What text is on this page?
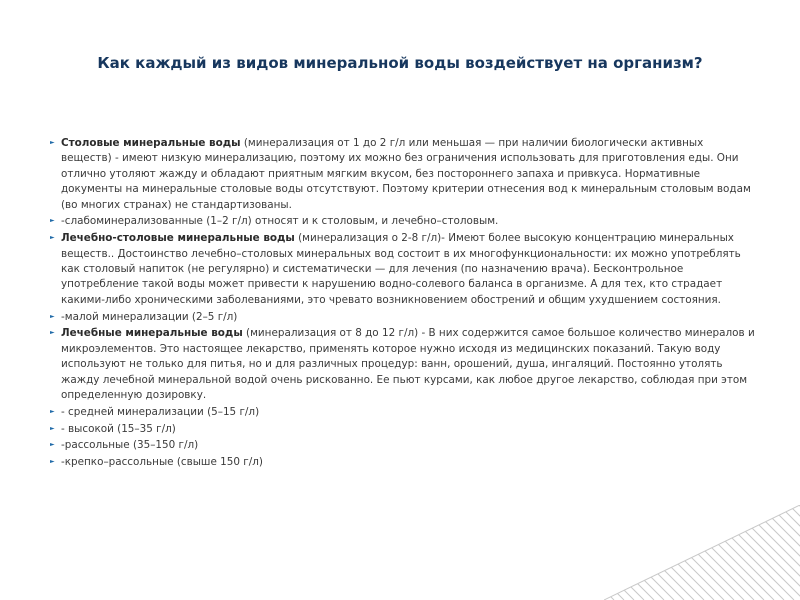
Как каждый из видов минеральной воды воздействует на организм?
► Столовые минеральные воды (минерализация от 1 до 2 г/л или меньшая — при наличии биологически активных веществ) - имеют низкую минерализацию, поэтому их можно без ограничения использовать для приготовления еды. Они отлично утоляют жажду и обладают приятным мягким вкусом, без постороннего запаха и привкуса. Нормативные документы на минеральные столовые воды отсутствуют. Поэтому критерии отнесения вод к минеральным столовым водам (во многих странах) не стандартизованы.
► -слабоминерализованные (1–2 г/л) относят и к столовым, и лечебно–столовым.
► Лечебно-столовые минеральные воды (минерализация о 2-8 г/л)- Имеют более высокую концентрацию минеральных веществ.. Достоинство лечебно–столовых минеральных вод состоит в их многофункциональности: их можно употреблять как столовый напиток (не регулярно) и систематически — для лечения (по назначению врача). Бесконтрольное употребление такой воды может привести к нарушению водно-солевого баланса в организме. А для тех, кто страдает какими-либо хроническими заболеваниями, это чревато возникновением обострений и общим ухудшением состояния.
► -малой минерализации (2–5 г/л)
► Лечебные минеральные воды (минерализация от 8 до 12 г/л) - В них содержится самое большое количество минералов и микроэлементов. Это настоящее лекарство, применять которое нужно исходя из медицинских показаний. Такую воду используют не только для питья, но и для различных процедур: ванн, орошений, душа, ингаляций. Постоянно утолять жажду лечебной минеральной водой очень рискованно. Ее пьют курсами, как любое другое лекарство, соблюдая при этом определенную дозировку.
► - средней минерализации (5–15 г/л)
► - высокой (15–35 г/л)
► -рассольные (35–150 г/л)
► -крепко–рассольные (свыше 150 г/л)
